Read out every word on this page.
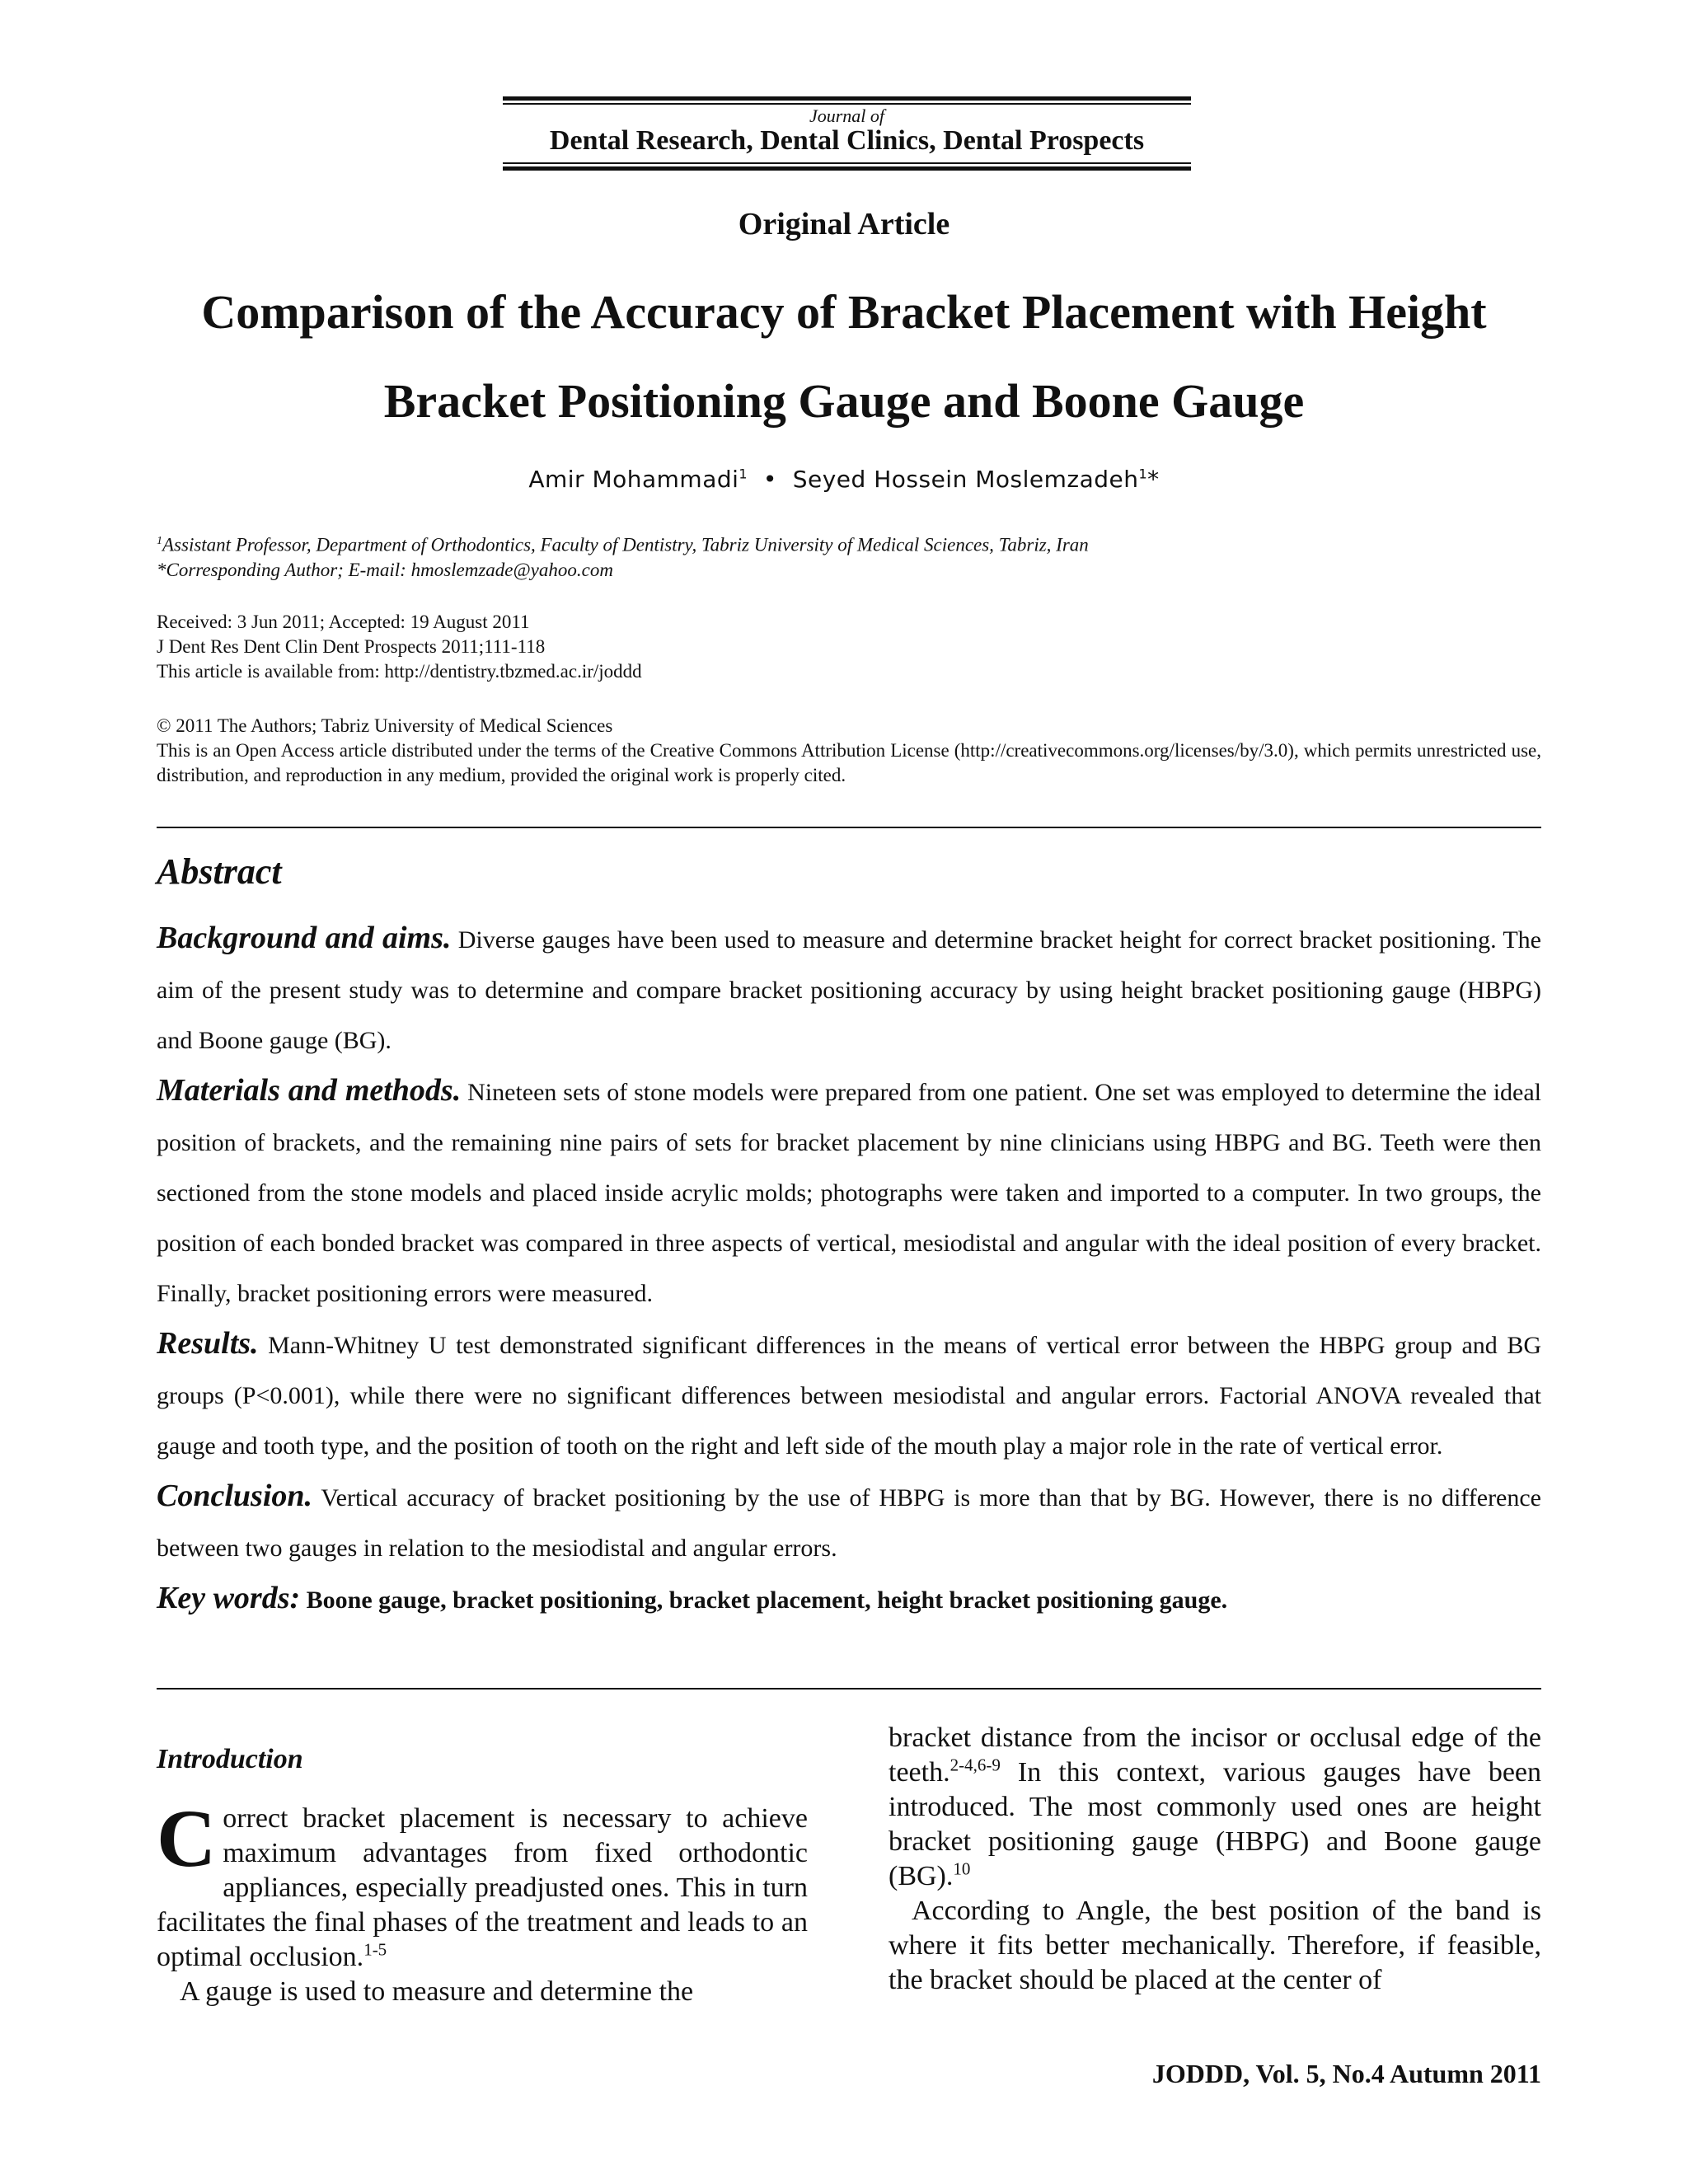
Journal of
Dental Research, Dental Clinics, Dental Prospects
Original Article
Comparison of the Accuracy of Bracket Placement with Height
Bracket Positioning Gauge and Boone Gauge
Amir Mohammadi$^1$ • Seyed Hossein Moslemzadeh$^1$*
$^1$Assistant Professor, Department of Orthodontics, Faculty of Dentistry, Tabriz University of Medical Sciences, Tabriz, Iran
*Corresponding Author; E-mail: hmoslemzade@yahoo.com
Received: 3 Jun 2011; Accepted: 19 August 2011
J Dent Res Dent Clin Dent Prospects 2011;111-118
This article is available from: http://dentistry.tbzmed.ac.ir/joddd
© 2011 The Authors; Tabriz University of Medical Sciences
This is an Open Access article distributed under the terms of the Creative Commons Attribution License (http://creativecommons.org/licenses/by/3.0), which permits unrestricted use, distribution, and reproduction in any medium, provided the original work is properly cited.
Abstract

Background and aims. Diverse gauges have been used to measure and determine bracket height for correct bracket positioning. The aim of the present study was to determine and compare bracket positioning accuracy by using height bracket positioning gauge (HBPG) and Boone gauge (BG).

Materials and methods. Nineteen sets of stone models were prepared from one patient. One set was employed to determine the ideal position of brackets, and the remaining nine pairs of sets for bracket placement by nine clinicians using HBPG and BG. Teeth were then sectioned from the stone models and placed inside acrylic molds; photographs were taken and imported to a computer. In two groups, the position of each bonded bracket was compared in three aspects of vertical, mesiodistal and angular with the ideal position of every bracket. Finally, bracket positioning errors were measured.

Results. Mann-Whitney U test demonstrated significant differences in the means of vertical error between the HBPG group and BG groups (P<0.001), while there were no significant differences between mesiodistal and angular errors. Factorial ANOVA revealed that gauge and tooth type, and the position of tooth on the right and left side of the mouth play a major role in the rate of vertical error.

Conclusion. Vertical accuracy of bracket positioning by the use of HBPG is more than that by BG. However, there is no difference between two gauges in relation to the mesiodistal and angular errors.

Key words: Boone gauge, bracket positioning, bracket placement, height bracket positioning gauge.

Introduction

Correct bracket placement is necessary to achieve maximum advantages from fixed orthodontic appliances, especially preadjusted ones. This in turn facilitates the final phases of the treatment and leads to an optimal occlusion.$^{1-5}$

A gauge is used to measure and determine the

bracket distance from the incisor or occlusal edge of the teeth.$^{2-4,6-9}$ In this context, various gauges have been introduced. The most commonly used ones are height bracket positioning gauge (HBPG) and Boone gauge (BG).$^{10}$

According to Angle, the best position of the band is where it fits better mechanically. Therefore, if feasible, the bracket should be placed at the center of

JODDD, Vol. 5, No.4 Autumn 2011
